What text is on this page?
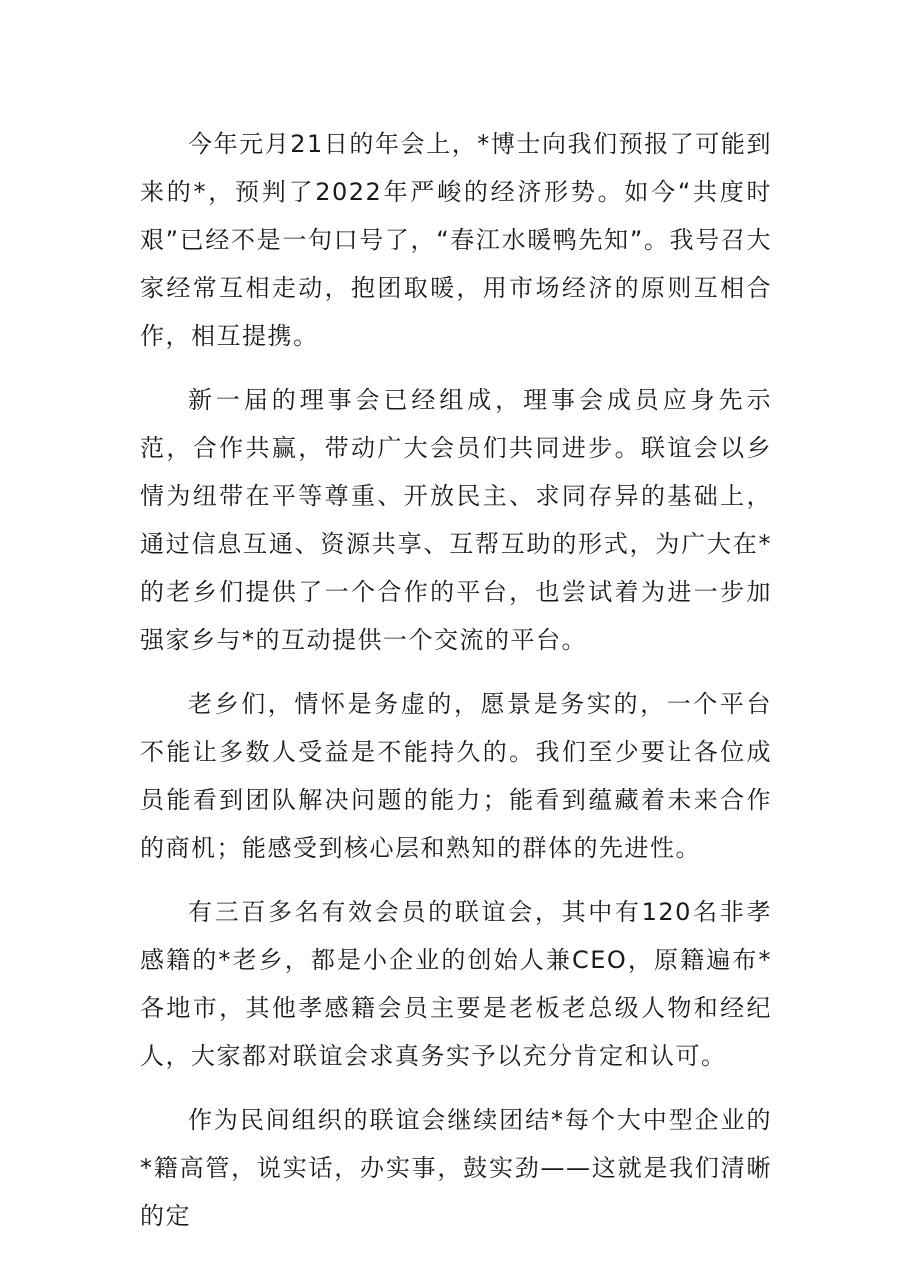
今年元月21日的年会上，*博士向我们预报了可能到来的*，预判了2022年严峻的经济形势。如今“共度时艰”已经不是一句口号了，“春江水暖鸭先知”。我号召大家经常互相走动，抱团取暖，用市场经济的原则互相合作，相互提携。

新一届的理事会已经组成，理事会成员应身先示范，合作共赢，带动广大会员们共同进步。联谊会以乡情为纽带在平等尊重、开放民主、求同存异的基础上，通过信息互通、资源共享、互帮互助的形式，为广大在*的老乡们提供了一个合作的平台，也尝试着为进一步加强家乡与*的互动提供一个交流的平台。

老乡们，情怀是务虚的，愿景是务实的，一个平台不能让多数人受益是不能持久的。我们至少要让各位成员能看到团队解决问题的能力；能看到蕴藏着未来合作的商机；能感受到核心层和熟知的群体的先进性。

有三百多名有效会员的联谊会，其中有120名非孝感籍的*老乡，都是小企业的创始人兼CEO，原籍遍布*各地市，其他孝感籍会员主要是老板老总级人物和经纪人，大家都对联谊会求真务实予以充分肯定和认可。

作为民间组织的联谊会继续团结*每个大中型企业的*籍高管，说实话，办实事，鼓实劲——这就是我们清晰的定
